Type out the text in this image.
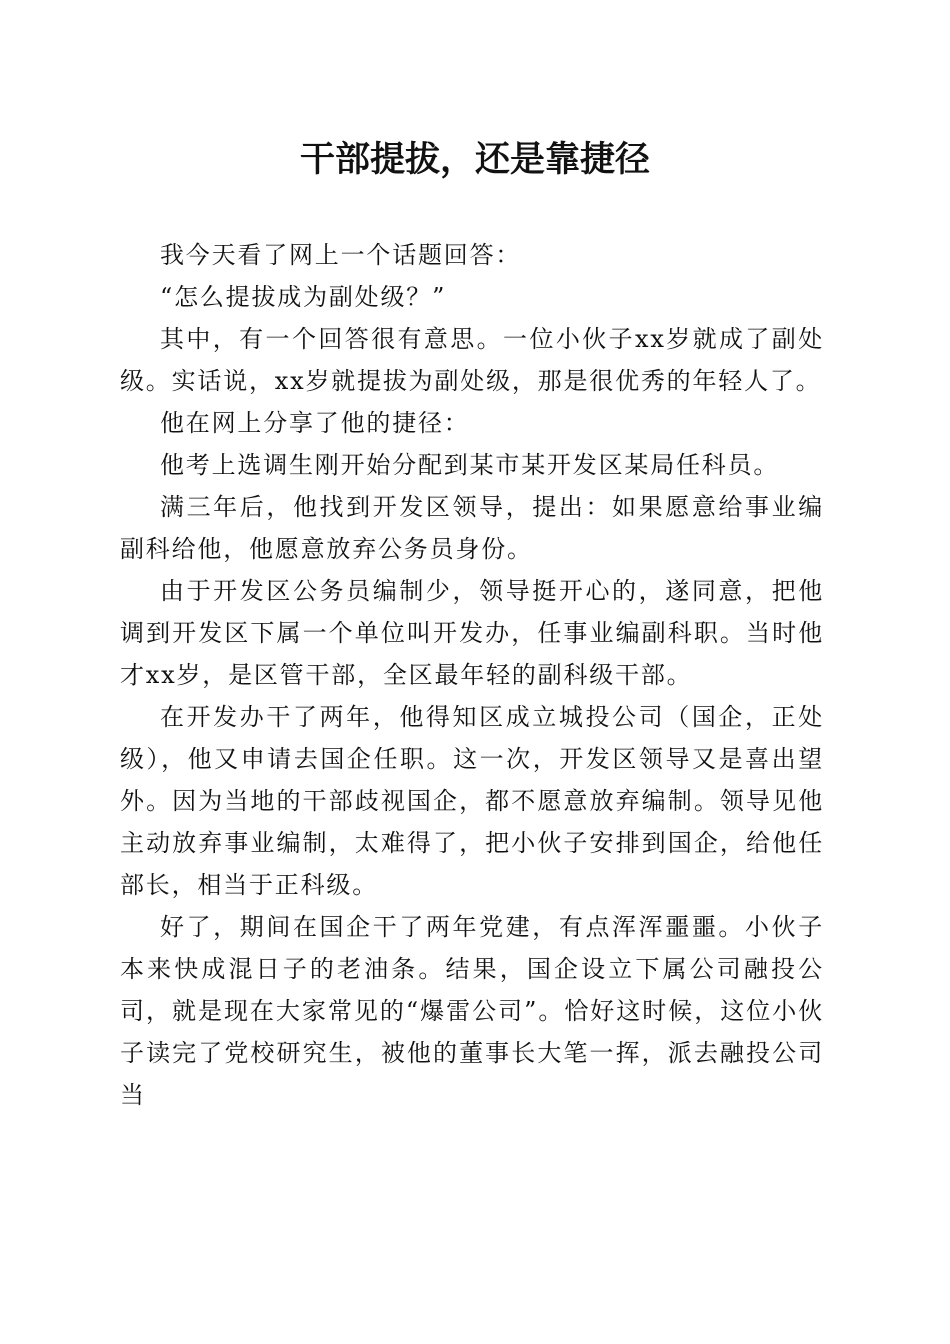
干部提拔，还是靠捷径

我今天看了网上一个话题回答：

“怎么提拔成为副处级？”

其中，有一个回答很有意思。一位小伙子xx岁就成了副处级。实话说，xx岁就提拔为副处级，那是很优秀的年轻人了。

他在网上分享了他的捷径：

他考上选调生刚开始分配到某市某开发区某局任科员。

满三年后，他找到开发区领导，提出：如果愿意给事业编副科给他，他愿意放弃公务员身份。

由于开发区公务员编制少，领导挺开心的，遂同意，把他调到开发区下属一个单位叫开发办，任事业编副科职。当时他才xx岁，是区管干部，全区最年轻的副科级干部。

在开发办干了两年，他得知区成立城投公司（国企，正处级），他又申请去国企任职。这一次，开发区领导又是喜出望外。因为当地的干部歧视国企，都不愿意放弃编制。领导见他主动放弃事业编制，太难得了，把小伙子安排到国企，给他任部长，相当于正科级。

好了，期间在国企干了两年党建，有点浑浑噩噩。小伙子本来快成混日子的老油条。结果，国企设立下属公司融投公司，就是现在大家常见的“爆雷公司”。恰好这时候，这位小伙子读完了党校研究生，被他的董事长大笔一挥，派去融投公司当
